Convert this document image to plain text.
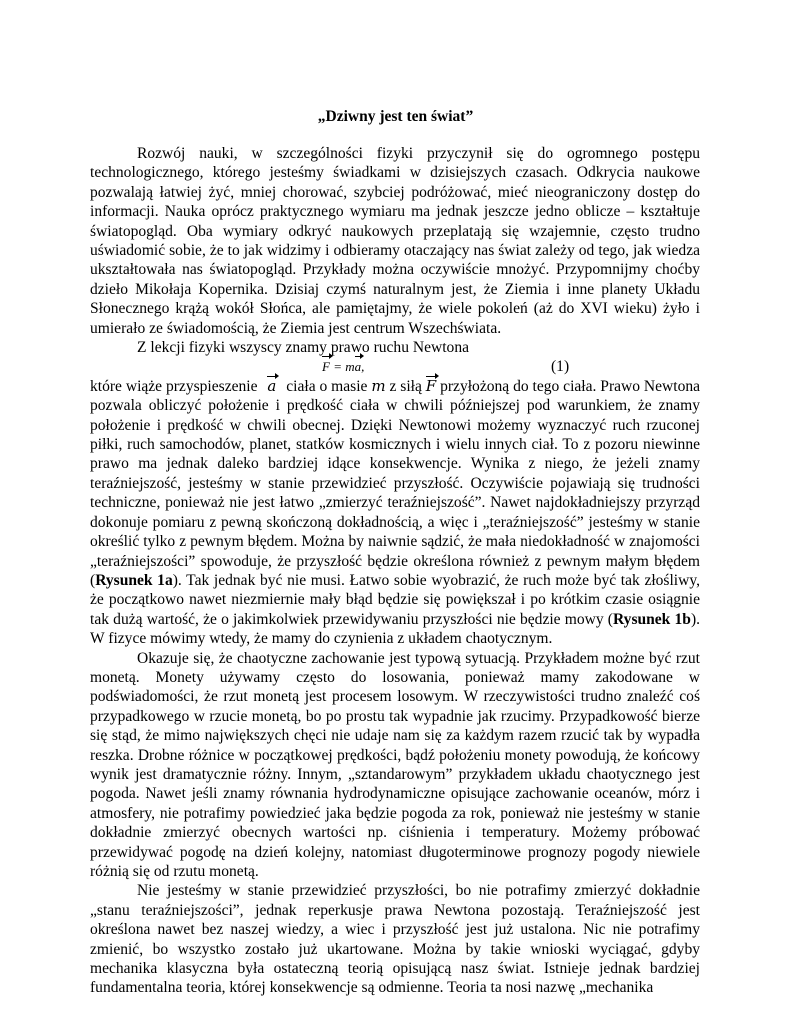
„Dziwny jest ten świat”

Rozwój nauki, w szczególności fizyki przyczynił się do ogromnego postępu technologicznego, którego jesteśmy świadkami w dzisiejszych czasach. Odkrycia naukowe pozwalają łatwiej żyć, mniej chorować, szybciej podróżować, mieć nieograniczony dostęp do informacji. Nauka oprócz praktycznego wymiaru ma jednak jeszcze jedno oblicze – kształtuje światopogląd. Oba wymiary odkryć naukowych przeplatają się wzajemnie, często trudno uświadomić sobie, że to jak widzimy i odbieramy otaczający nas świat zależy od tego, jak wiedza ukształtowała nas światopogląd. Przykłady można oczywiście mnożyć. Przypomnijmy choćby dzieło Mikołaja Kopernika. Dzisiaj czymś naturalnym jest, że Ziemia i inne planety Układu Słonecznego krążą wokół Słońca, ale pamiętajmy, że wiele pokoleń (aż do XVI wieku) żyło i umierało ze świadomością, że Ziemia jest centrum Wszechświata.

Z lekcji fizyki wszyscy znamy prawo ruchu Newtona

F = ma,	(1)

które wiąże przyspieszenie a ciała o masie m z siłą F przyłożoną do tego ciała. Prawo Newtona pozwala obliczyć położenie i prędkość ciała w chwili późniejszej pod warunkiem, że znamy położenie i prędkość w chwili obecnej. Dzięki Newtonowi możemy wyznaczyć ruch rzuconej piłki, ruch samochodów, planet, statków kosmicznych i wielu innych ciał. To z pozoru niewinne prawo ma jednak daleko bardziej idące konsekwencje. Wynika z niego, że jeżeli znamy teraźniejszość, jesteśmy w stanie przewidzieć przyszłość. Oczywiście pojawiają się trudności techniczne, ponieważ nie jest łatwo „zmierzyć teraźniejszość”. Nawet najdokładniejszy przyrząd dokonuje pomiaru z pewną skończoną dokładnością, a więc i „teraźniejszość” jesteśmy w stanie określić tylko z pewnym błędem. Można by naiwnie sądzić, że mała niedokładność w znajomości „teraźniejszości” spowoduje, że przyszłość będzie określona również z pewnym małym błędem (Rysunek 1a). Tak jednak być nie musi. Łatwo sobie wyobrazić, że ruch może być tak złośliwy, że początkowo nawet niezmiernie mały błąd będzie się powiększał i po krótkim czasie osiągnie tak dużą wartość, że o jakimkolwiek przewidywaniu przyszłości nie będzie mowy (Rysunek 1b). W fizyce mówimy wtedy, że mamy do czynienia z układem chaotycznym.

Okazuje się, że chaotyczne zachowanie jest typową sytuacją. Przykładem możne być rzut monetą. Monety używamy często do losowania, ponieważ mamy zakodowane w podświadomości, że rzut monetą jest procesem losowym. W rzeczywistości trudno znaleźć coś przypadkowego w rzucie monetą, bo po prostu tak wypadnie jak rzucimy. Przypadkowość bierze się stąd, że mimo największych chęci nie udaje nam się za każdym razem rzucić tak by wypadła reszka. Drobne różnice w początkowej prędkości, bądź położeniu monety powodują, że końcowy wynik jest dramatycznie różny. Innym, „sztandarowym” przykładem układu chaotycznego jest pogoda. Nawet jeśli znamy równania hydrodynamiczne opisujące zachowanie oceanów, mórz i atmosfery, nie potrafimy powiedzieć jaka będzie pogoda za rok, ponieważ nie jesteśmy w stanie dokładnie zmierzyć obecnych wartości np. ciśnienia i temperatury. Możemy próbować przewidywać pogodę na dzień kolejny, natomiast długoterminowe prognozy pogody niewiele różnią się od rzutu monetą.

Nie jesteśmy w stanie przewidzieć przyszłości, bo nie potrafimy zmierzyć dokładnie „stanu teraźniejszości”, jednak reperkusje prawa Newtona pozostają. Teraźniejszość jest określona nawet bez naszej wiedzy, a wiec i przyszłość jest już ustalona. Nic nie potrafimy zmienić, bo wszystko zostało już ukartowane. Można by takie wnioski wyciągać, gdyby mechanika klasyczna była ostateczną teorią opisującą nasz świat. Istnieje jednak bardziej fundamentalna teoria, której konsekwencje są odmienne. Teoria ta nosi nazwę „mechanika
